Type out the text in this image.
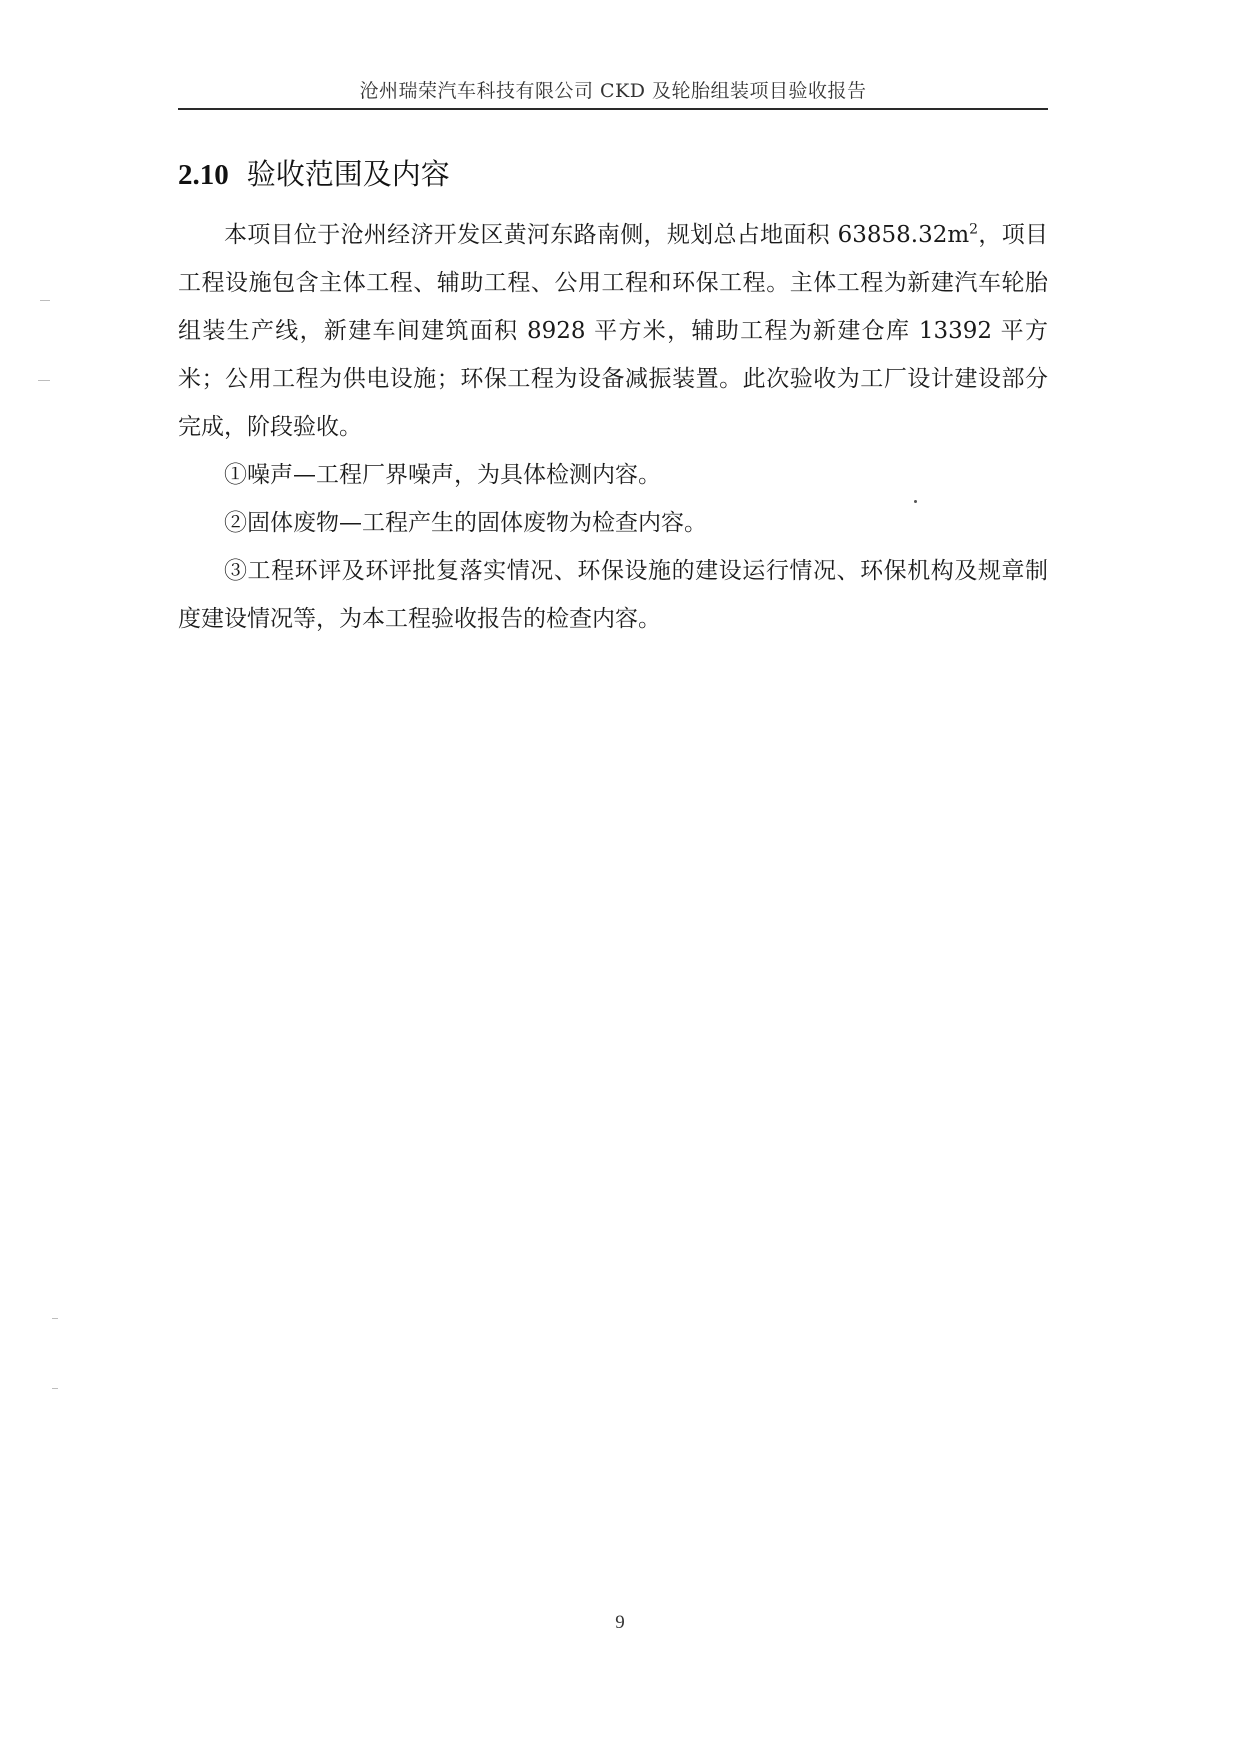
沧州瑞荣汽车科技有限公司 CKD 及轮胎组装项目验收报告
2.10 验收范围及内容

本项目位于沧州经济开发区黄河东路南侧，规划总占地面积 $63858.32m^2$，项目工程设施包含主体工程、辅助工程、公用工程和环保工程。主体工程为新建汽车轮胎组装生产线，新建车间建筑面积 8928 平方米，辅助工程为新建仓库 13392 平方米；公用工程为供电设施；环保工程为设备减振装置。此次验收为工厂设计建设部分完成，阶段验收。

①噪声—工程厂界噪声，为具体检测内容。

②固体废物—工程产生的固体废物为检查内容。

③工程环评及环评批复落实情况、环保设施的建设运行情况、环保机构及规章制度建设情况等，为本工程验收报告的检查内容。

9
